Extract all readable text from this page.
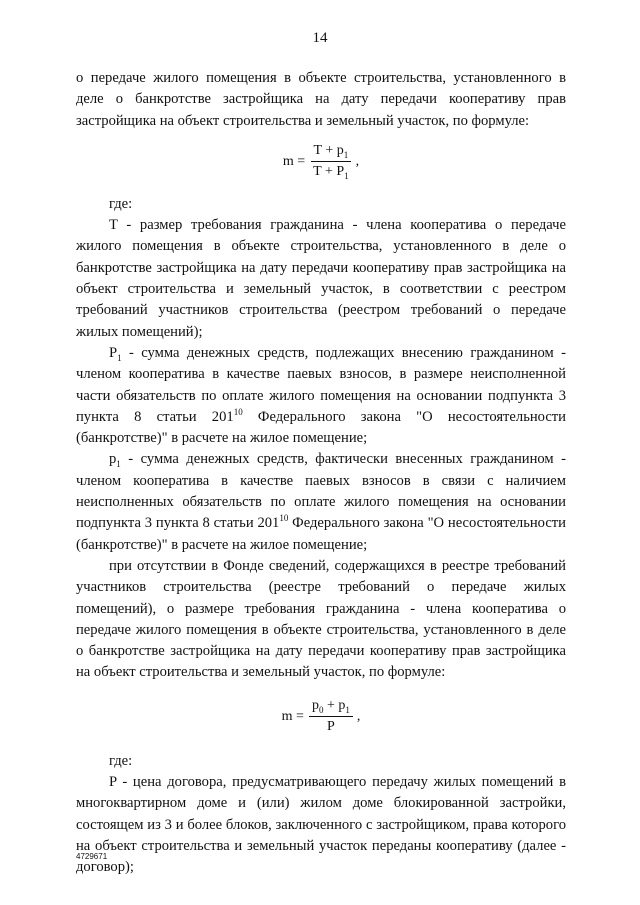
14

о передаче жилого помещения в объекте строительства, установленного в деле о банкротстве застройщика на дату передачи кооперативу прав застройщика на объект строительства и земельный участок, по формуле:

$m = \frac{T + p_1}{T + P_1}$ ,

где:

T - размер требования гражданина - члена кооператива о передаче жилого помещения в объекте строительства, установленного в деле о банкротстве застройщика на дату передачи кооперативу прав застройщика на объект строительства и земельный участок, в соответствии с реестром требований участников строительства (реестром требований о передаче жилых помещений);

$P_1$ - сумма денежных средств, подлежащих внесению гражданином - членом кооператива в качестве паевых взносов, в размере неисполненной части обязательств по оплате жилого помещения на основании подпункта 3 пункта 8 статьи $201^{10}$ Федерального закона "О несостоятельности (банкротстве)" в расчете на жилое помещение;

$p_1$ - сумма денежных средств, фактически внесенных гражданином - членом кооператива в качестве паевых взносов в связи с наличием неисполненных обязательств по оплате жилого помещения на основании подпункта 3 пункта 8 статьи $201^{10}$ Федерального закона "О несостоятельности (банкротстве)" в расчете на жилое помещение;

при отсутствии в Фонде сведений, содержащихся в реестре требований участников строительства (реестре требований о передаче жилых помещений), о размере требования гражданина - члена кооператива о передаче жилого помещения в объекте строительства, установленного в деле о банкротстве застройщика на дату передачи кооперативу прав застройщика на объект строительства и земельный участок, по формуле:

$m = \frac{p_0 + p_1}{P}$ ,

где:

P - цена договора, предусматривающего передачу жилых помещений в многоквартирном доме и (или) жилом доме блокированной застройки, состоящем из 3 и более блоков, заключенного с застройщиком, права которого на объект строительства и земельный участок переданы кооперативу (далее - договор);

4729671
